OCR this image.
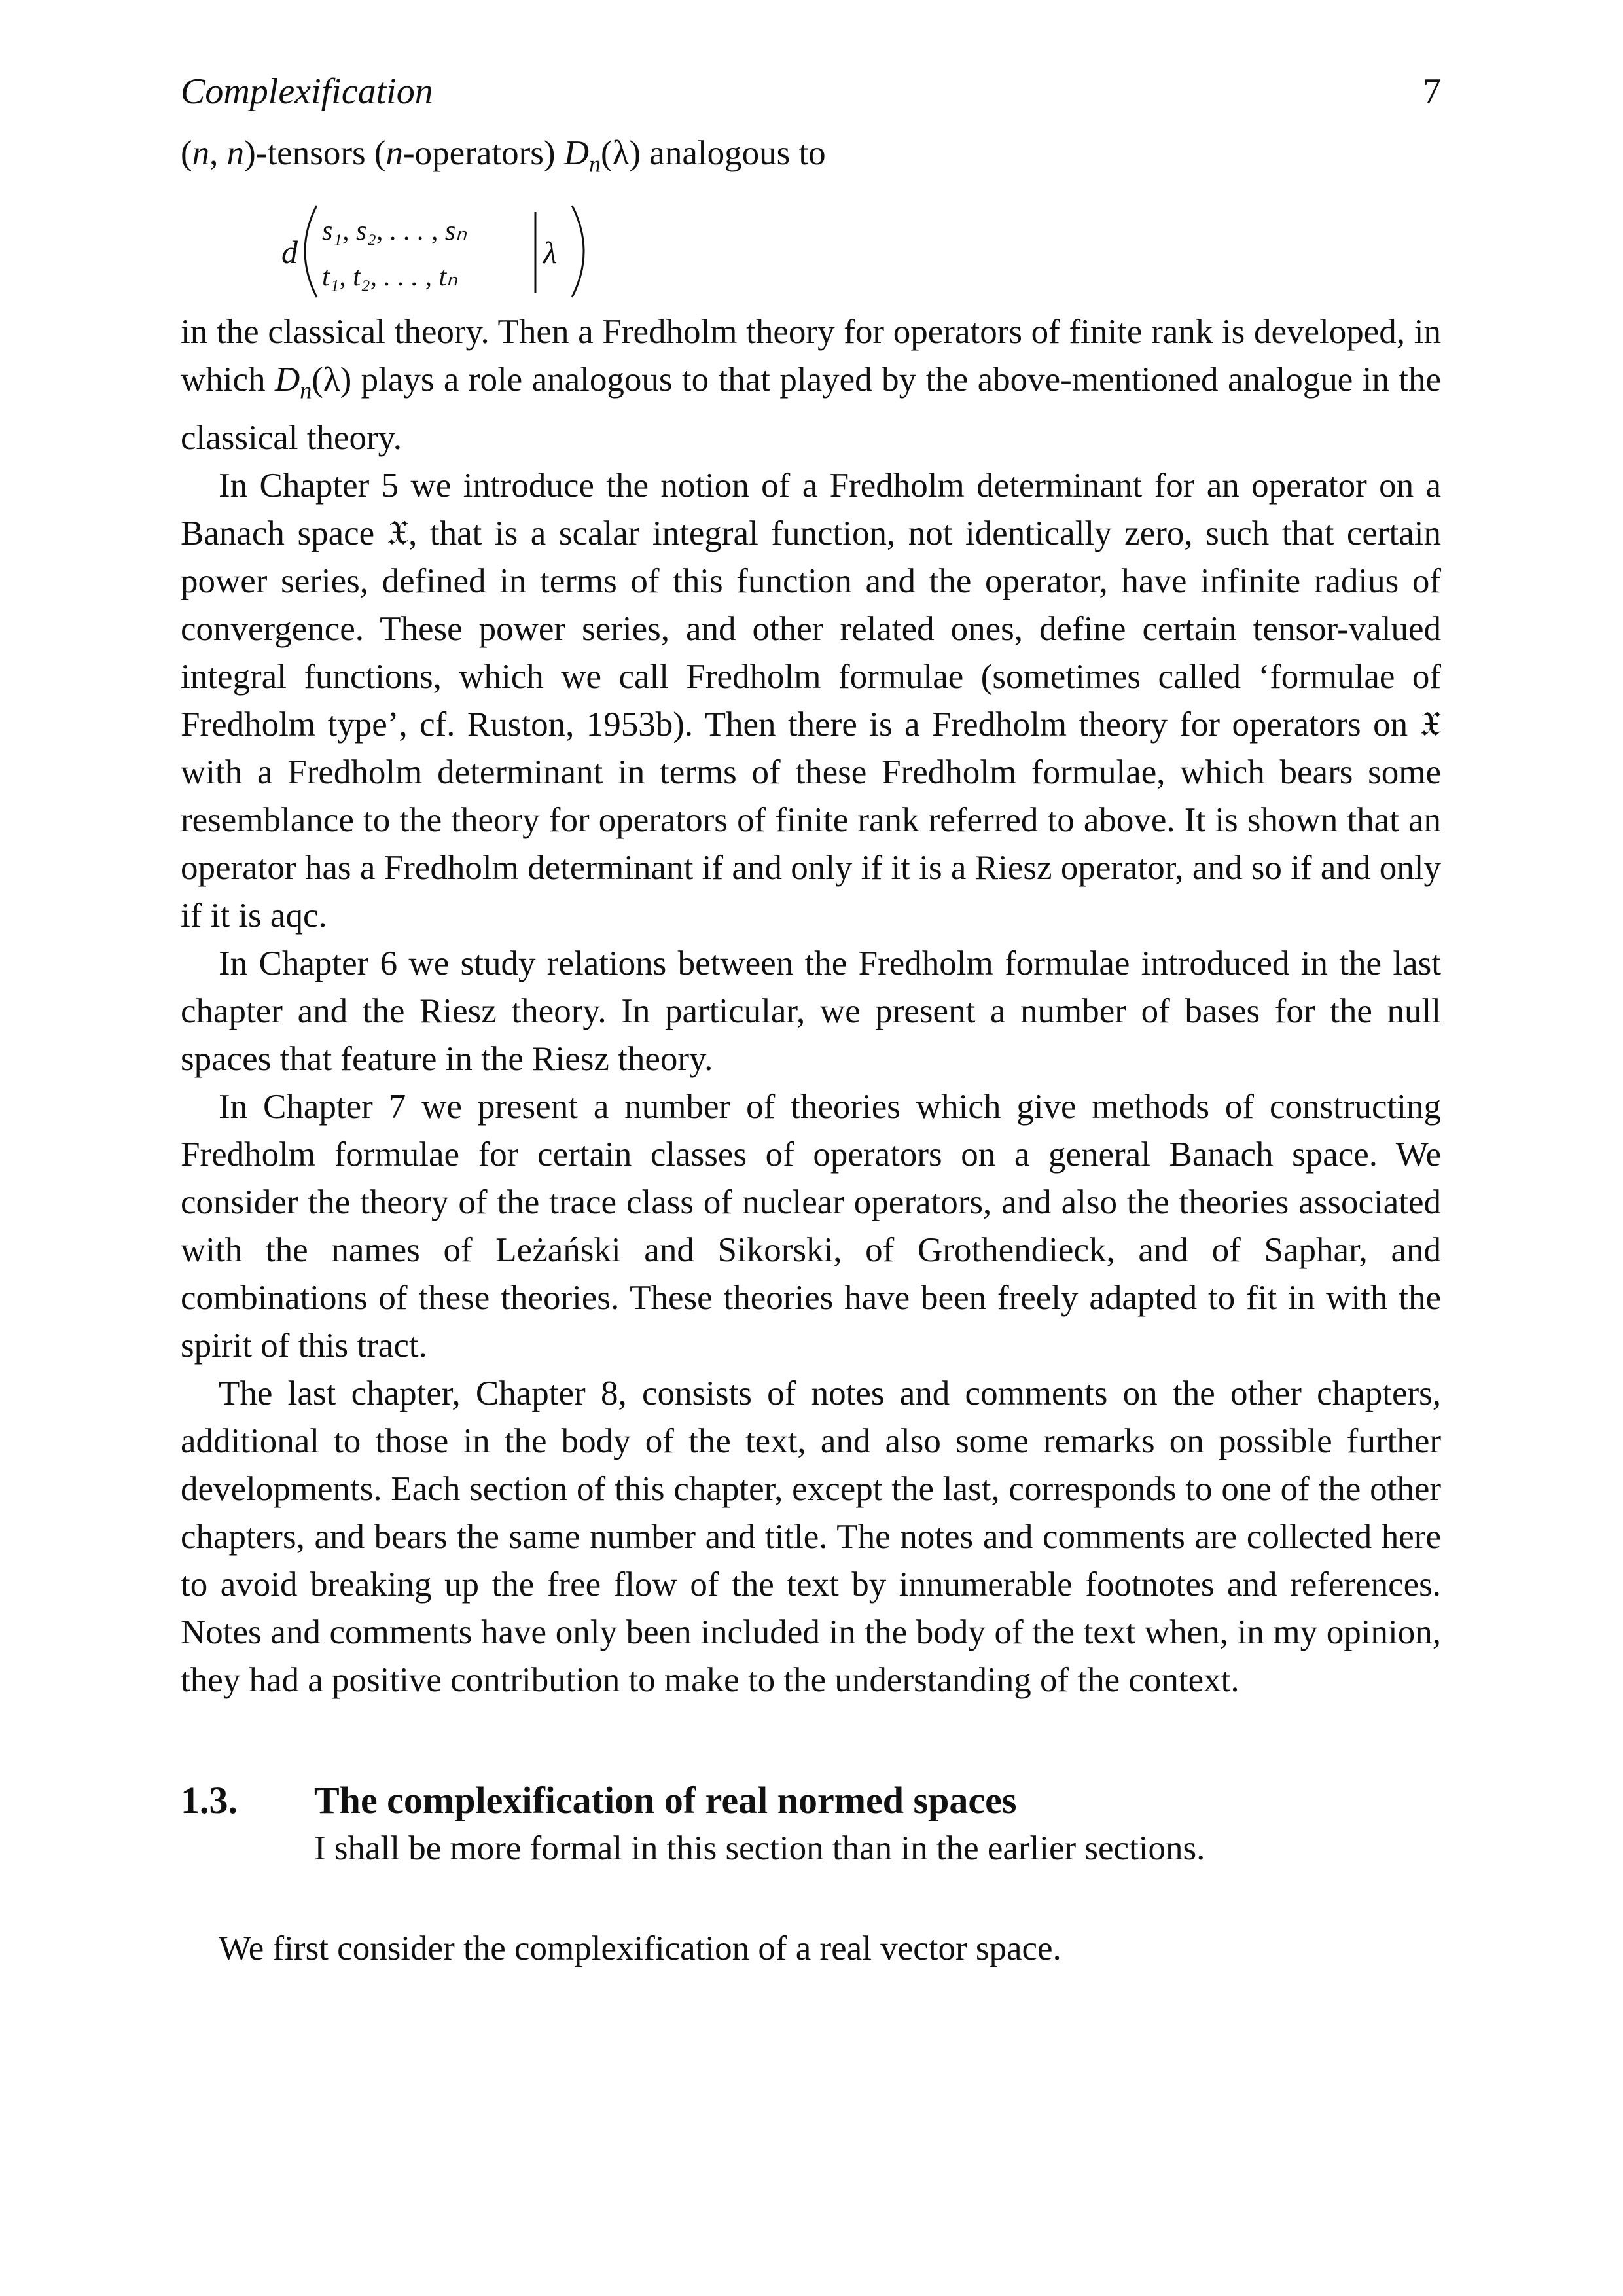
Complexification	7

(n, n)-tensors (n-operators) $D_n(\lambda)$ analogous to

d
s₁, s₂, . . . , sₙ
t₁, t₂, . . . , tₙ
λ

in the classical theory. Then a Fredholm theory for operators of finite rank is developed, in which $D_n(\lambda)$ plays a role analogous to that played by the above-mentioned analogue in the classical theory.

In Chapter 5 we introduce the notion of a Fredholm determinant for an operator on a Banach space 𝔛, that is a scalar integral function, not identically zero, such that certain power series, defined in terms of this function and the operator, have infinite radius of convergence. These power series, and other related ones, define certain tensor-valued integral functions, which we call Fredholm formulae (sometimes called ‘formulae of Fredholm type’, cf. Ruston, 1953b). Then there is a Fredholm theory for operators on 𝔛 with a Fredholm determinant in terms of these Fredholm formulae, which bears some resemblance to the theory for operators of finite rank referred to above. It is shown that an operator has a Fredholm determinant if and only if it is a Riesz operator, and so if and only if it is aqc.

In Chapter 6 we study relations between the Fredholm formulae introduced in the last chapter and the Riesz theory. In particular, we present a number of bases for the null spaces that feature in the Riesz theory.

In Chapter 7 we present a number of theories which give methods of constructing Fredholm formulae for certain classes of operators on a general Banach space. We consider the theory of the trace class of nuclear operators, and also the theories associated with the names of Leżański and Sikorski, of Grothendieck, and of Saphar, and combinations of these theories. These theories have been freely adapted to fit in with the spirit of this tract.

The last chapter, Chapter 8, consists of notes and comments on the other chapters, additional to those in the body of the text, and also some remarks on possible further developments. Each section of this chapter, except the last, corresponds to one of the other chapters, and bears the same number and title. The notes and comments are collected here to avoid breaking up the free flow of the text by innumerable footnotes and references. Notes and comments have only been included in the body of the text when, in my opinion, they had a positive contribution to make to the understanding of the context.

1.3.	The complexification of real normed spaces
I shall be more formal in this section than in the earlier sections.
We first consider the complexification of a real vector space.
